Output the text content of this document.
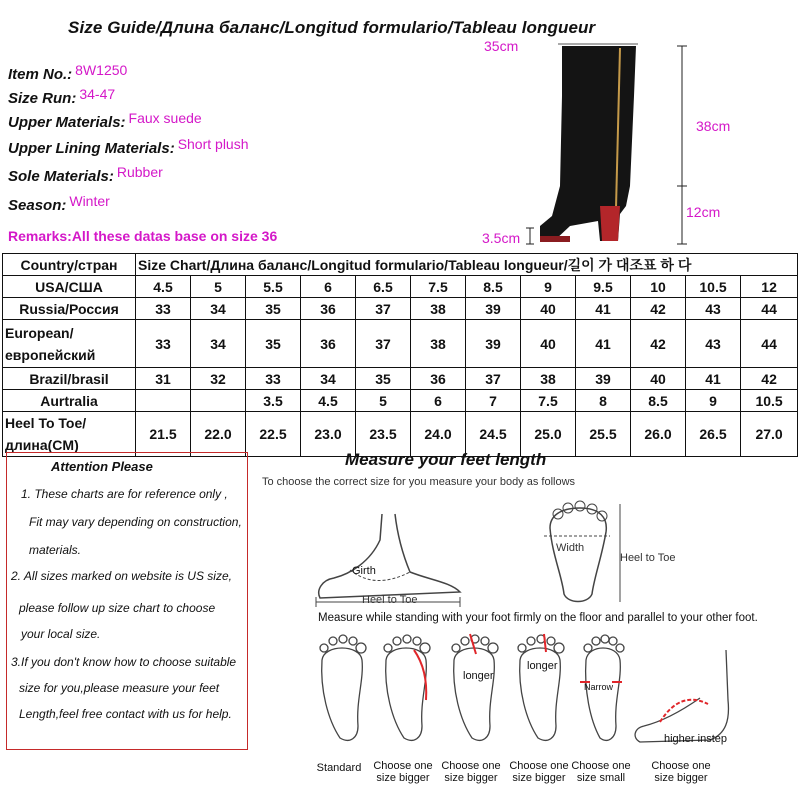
Size Guide/Длина баланс/Longitud formulario/Tableau longueur
Item No.: 8W1250
Size Run: 34-47
Upper Materials: Faux suede
Upper Lining Materials: Short plush
Sole Materials: Rubber
Season: Winter
Remarks:All these datas base on size 36
35cm
38cm
12cm
3.5cm
Country/стран	Size Chart/Длина баланс/Longitud formulario/Tableau longueur/길이 가 대조표 하 다											
USA/США	4.5	5	5.5	6	6.5	7.5	8.5	9	9.5	10	10.5	12
Russia/Россия	33	34	35	36	37	38	39	40	41	42	43	44
European/европейский	33	34	35	36	37	38	39	40	41	42	43	44
Brazil/brasil	31	32	33	34	35	36	37	38	39	40	41	42
Aurtralia			3.5	4.5	5	6	7	7.5	8	8.5	9	10.5
Heel To Toe/длина(CM)	21.5	22.0	22.5	23.0	23.5	24.0	24.5	25.0	25.5	26.0	26.5	27.0
Attention Please
1. These charts are for reference only ,
Fit may vary depending on construction,
materials.
2. All sizes marked on website is US size,
please follow up size chart to choose
your local size.
3.If you don't know how to choose suitable
size for you,please measure your feet
Length,feel free contact with us for help.
Measure your feet length
To choose the correct size for you measure your body as follows
Girth
Heel to Toe
Width
Heel to Toe
Measure while standing with your foot firmly on the floor and parallel to your other foot.
longer
longer
Narrow
higher instep
Standard	Choose one size bigger
Choose one size bigger
Choose one size bigger
Choose one size small
Choose one size bigger
